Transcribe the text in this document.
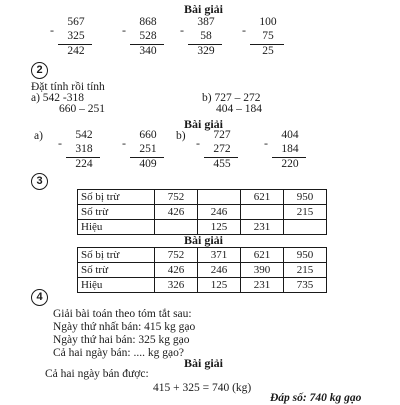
Bài giải
567
-	325
242
868
-	528
340
387
-	58
329
100
-	75
25
2
Đặt tính rồi tính
a) 542 -318
660 – 251
b) 727 – 272
404 – 184
Bài giải
a)	542
-	318
224
660
-	251
409
b)	727
-	272
455
404
-	184
220
3
Số bị trừ	752		621	950
Số trừ	426	246		215
Hiệu		125	231	
Bài giải
Số bị trừ	752	371	621	950
Số trừ	426	246	390	215
Hiệu	326	125	231	735
4
Giải bài toán theo tóm tắt sau:
Ngày thứ nhất bán: 415 kg gạo
Ngày thứ hai bán: 325 kg gạo
Cả hai ngày bán: .... kg gạo?
Bài giải
Cả hai ngày bán được:
415 + 325 = 740 (kg)
Đáp số: 740 kg gạo
